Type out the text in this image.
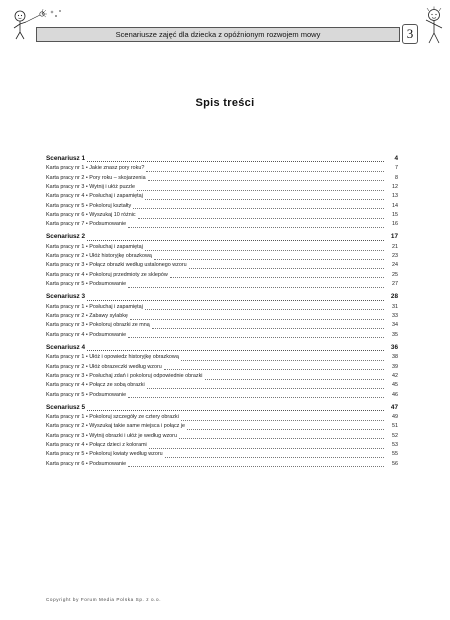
Scenariusze zajęć dla dziecka z opóźnionym rozwojem mowy	3
Spis treści
Scenariusz 1	4
Karta pracy nr 1 • Jakie znasz pory roku?	7
Karta pracy nr 2 • Pory roku – skojarzenia	8
Karta pracy nr 3 • Wytnij i ułóż puzzle	12
Karta pracy nr 4 • Posłuchaj i zapamiętaj	13
Karta pracy nr 5 • Pokoloruj kształty	14
Karta pracy nr 6 • Wyszukaj 10 różnic	15
Karta pracy nr 7 • Podsumowanie	16
Scenariusz 2	17
Karta pracy nr 1 • Posłuchaj i zapamiętaj	21
Karta pracy nr 2 • Ułóż historyjkę obrazkową	23
Karta pracy nr 3 • Połącz obrazki według ustalonego wzoru	24
Karta pracy nr 4 • Pokoloruj przedmioty ze sklepów	25
Karta pracy nr 5 • Podsumowanie	27
Scenariusz 3	28
Karta pracy nr 1 • Posłuchaj i zapamiętaj	31
Karta pracy nr 2 • Zabawy sylabkę	33
Karta pracy nr 3 • Pokoloruj obrazki ze mną	34
Karta pracy nr 4 • Podsumowanie	35
Scenariusz 4	36
Karta pracy nr 1 • Ułóż i opowiedz historyjkę obrazkową	38
Karta pracy nr 2 • Ułóż obrazeczki według wzoru	39
Karta pracy nr 3 • Posłuchaj zdań i pokoloruj odpowiednie obrazki	42
Karta pracy nr 4 • Połącz ze sobą obrazki	45
Karta pracy nr 5 • Podsumowanie	46
Scenariusz 5	47
Karta pracy nr 1 • Pokoloruj szczegóły ze cztery obrazki	49
Karta pracy nr 2 • Wyszukaj takie same miejsca i połącz je	51
Karta pracy nr 3 • Wytnij obrazki i ułóż je według wzoru	52
Karta pracy nr 4 • Połącz dzieci z kolorami	53
Karta pracy nr 5 • Pokoloruj kwiaty według wzoru	55
Karta pracy nr 6 • Podsumowanie	56
Copyright by Forum Media Polska Sp. z o.o.
